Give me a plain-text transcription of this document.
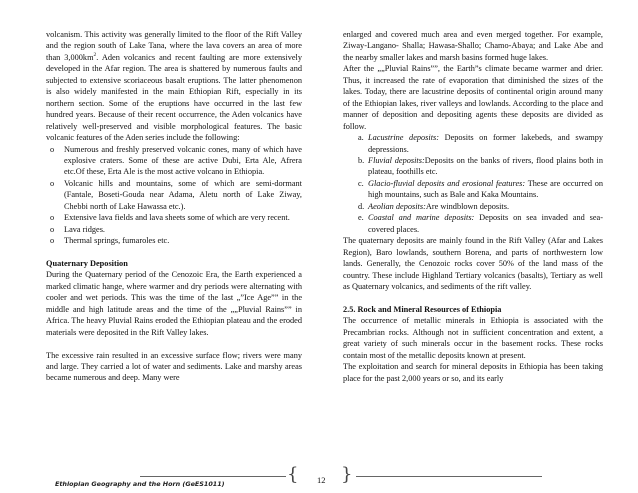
volcanism. This activity was generally limited to the floor of the Rift Valley and the region south of Lake Tana, where the lava covers an area of more than $3,000km^2$. Aden volcanics and recent faulting are more extensively developed in the Afar region. The area is shattered by numerous faults and subjected to extensive scoriaceous basalt eruptions. The latter phenomenon is also widely manifested in the main Ethiopian Rift, especially in its northern section. Some of the eruptions have occurred in the last few hundred years. Because of their recent occurrence, the Aden volcanics have relatively well-preserved and visible morphological features. The basic volcanic features of the Aden series include the following:

o Numerous and freshly preserved volcanic cones, many of which have explosive craters. Some of these are active Dubi, Erta Ale, Afrera etc.Of these, Erta Ale is the most active volcano in Ethiopia.
o Volcanic hills and mountains, some of which are semi-dormant (Fantale, Boseti-Gouda near Adama, Aletu north of Lake Ziway, Chebbi north of Lake Hawassa etc.).
o Extensive lava fields and lava sheets some of which are very recent.
o Lava ridges.
o Thermal springs, fumaroles etc.

Quaternary Deposition

During the Quaternary period of the Cenozoic Era, the Earth experienced a marked climatic hange, where warmer and dry periods were alternating with cooler and wet periods. This was the time of the last „”Ice Age”” in the middle and high latitude areas and the time of the „„Pluvial Rains”” in Africa. The heavy Pluvial Rains eroded the Ethiopian plateau and the eroded materials were deposited in the Rift Valley lakes.

The excessive rain resulted in an excessive surface flow; rivers were many and large. They carried a lot of water and sediments. Lake and marshy areas became numerous and deep. Many were

enlarged and covered much area and even merged together. For example, Ziway-Langano- Shalla; Hawasa-Shallo; Chamo-Abaya; and Lake Abe and the nearby smaller lakes and marsh basins formed huge lakes.

After the „„Pluvial Rains””, the Earth”s climate became warmer and drier. Thus, it increased the rate of evaporation that diminished the sizes of the lakes. Today, there are lacustrine deposits of continental origin around many of the Ethiopian lakes, river valleys and lowlands. According to the place and manner of deposition and depositing agents these deposits are divided as follow.

a. Lacustrine deposits: Deposits on former lakebeds, and swampy depressions.
b. Fluvial deposits:Deposits on the banks of rivers, flood plains both in plateau, foothills etc.
c. Glacio-fluvial deposits and erosional features: These are occurred on high mountains, such as Bale and Kaka Mountains.
d. Aeolian deposits:Are windblown deposits.
e. Coastal and marine deposits: Deposits on sea invaded and sea-covered places.

The quaternary deposits are mainly found in the Rift Valley (Afar and Lakes Region), Baro lowlands, southern Borena, and parts of northwestern low lands. Generally, the Cenozoic rocks cover 50% of the land mass of the country. These include Highland Tertiary volcanics (basalts), Tertiary as well as Quaternary volcanics, and sediments of the rift valley.

2.5. Rock and Mineral Resources of Ethiopia

The occurrence of metallic minerals in Ethiopia is associated with the Precambrian rocks. Although not in sufficient concentration and extent, a great variety of such minerals occur in the basement rocks. These rocks contain most of the metallic deposits known at present.

The exploitation and search for mineral deposits in Ethiopia has been taking place for the past 2,000 years or so, and its early

Ethiopian Geography and the Horn (GeES1011)	{ 12 }
